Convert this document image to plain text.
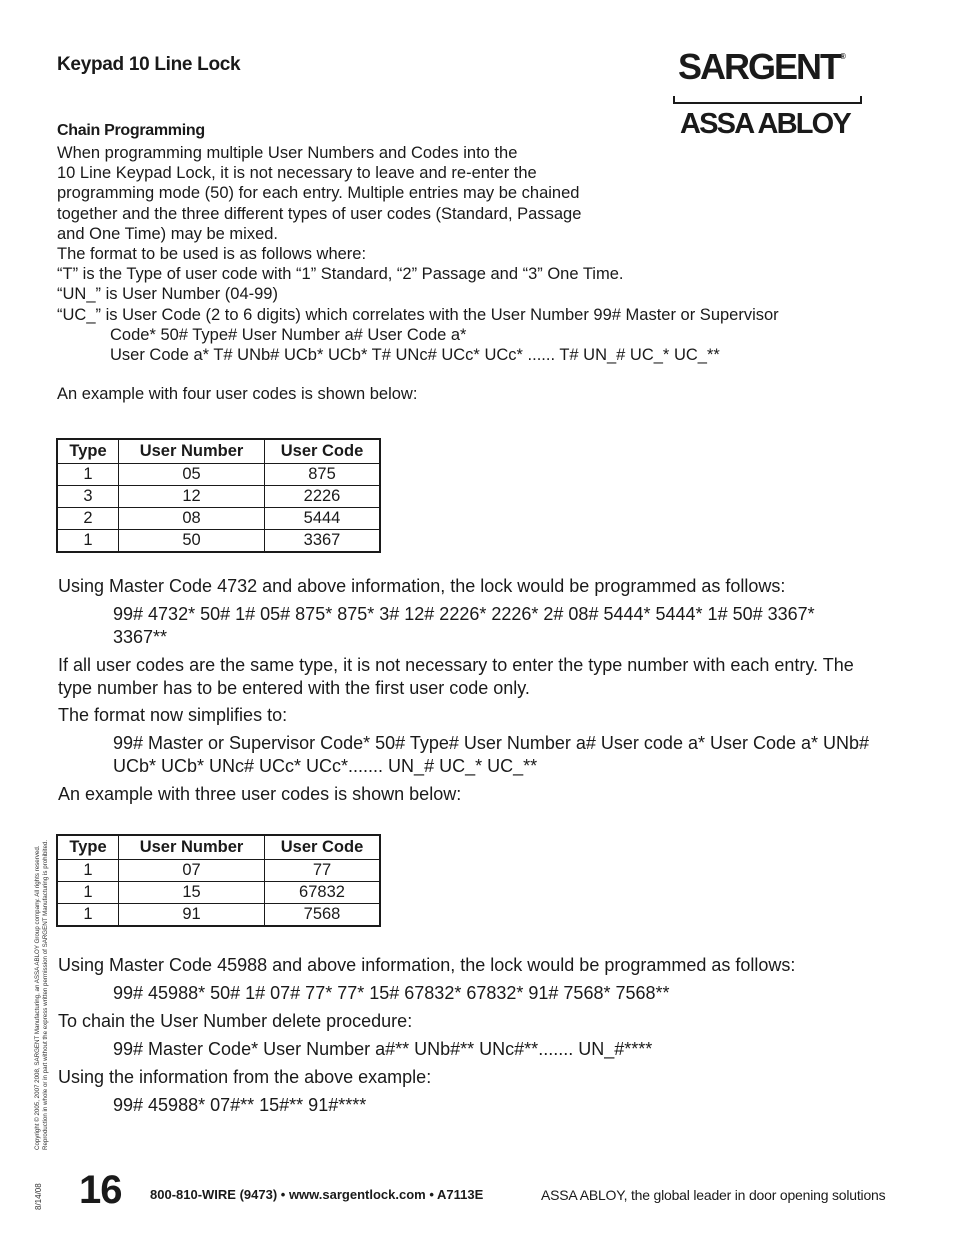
Keypad 10 Line Lock	SARGENT®
ASSA ABLOY
Chain Programming
When programming multiple User Numbers and Codes into the
10 Line Keypad Lock, it is not necessary to leave and re-enter the
programming mode (50) for each entry. Multiple entries may be chained
together and the three different types of user codes (Standard, Passage
and One Time) may be mixed.
The format to be used is as follows where:
“T” is the Type of user code with “1” Standard, “2” Passage and “3” One Time.
“UN_” is User Number (04-99)
“UC_” is User Code (2 to 6 digits) which correlates with the User Number 99# Master or Supervisor
Code* 50# Type# User Number a# User Code a*
User Code a* T# UNb# UCb* UCb* T# UNc# UCc* UCc* ...... T# UN_# UC_* UC_**
An example with four user codes is shown below:
Type	User Number	User Code
1	05	875
3	12	2226
2	08	5444
1	50	3367
Using Master Code 4732 and above information, the lock would be programmed as follows:
99# 4732* 50# 1# 05# 875* 875* 3# 12# 2226* 2226* 2# 08# 5444* 5444* 1# 50# 3367* 3367**
If all user codes are the same type, it is not necessary to enter the type number with each entry. The type number has to be entered with the first user code only.
The format now simplifies to:
99# Master or Supervisor Code* 50# Type# User Number a# User code a* User Code a* UNb# UCb* UCb* UNc# UCc* UCc*....... UN_# UC_* UC_**
An example with three user codes is shown below:
Type	User Number	User Code
1	07	77
1	15	67832
1	91	7568
Using Master Code 45988 and above information, the lock would be programmed as follows:
99# 45988* 50# 1# 07# 77* 77* 15# 67832* 67832* 91# 7568* 7568**
To chain the User Number delete procedure:
99# Master Code* User Number a#** UNb#** UNc#**....... UN_#****
Using the information from the above example:
99# 45988* 07#** 15#** 91#****
Copyright © 2005, 2007 2008, SARGENT Manufacturing, an ASSA ABLOY Group company. All rights reserved. Reproduction in whole or in part without the express written permission of SARGENT Manufacturing is prohibited.
8/14/08 16 800-810-WIRE (9473) • www.sargentlock.com • A7113E	ASSA ABLOY, the global leader in door opening solutions
